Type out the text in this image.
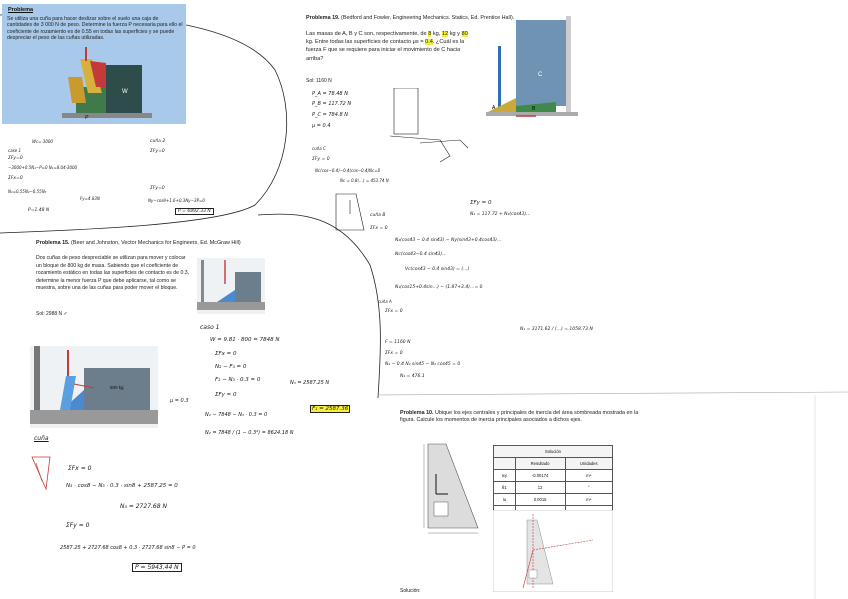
Problema
Se utiliza una cuña para hacer deslizar sobre el suelo una caja de cantidades de 3 000 N de peso. Determine la fuerza P necesaria para ello el coeficiente de rozamiento es de 0.55 en todas las superficies y se puede despreciar el peso de las cuñas utilizadas.
W
P
Wc= 3000
case 1
ΣFy=0
−3000+0.5N₁−P=0 N₁=8.04·3000
ΣFx=0
N₁=0.55N₂−0.55N₃
P=1.48 N
Fy=4.83N
cuña 2
ΣFy=0
ΣFy=0
Ny−cosθ+1.6+0.3Ny−3P=0
P = 6892.33 N
Problema 19. (Bedford and Fowler, Engineering Mechanics. Statics, Ed. Prentice Hall).
Las masas de A, B y C son, respectivamente, de 8 kg, 12 kg y 80 kg. Entre todas las superficies de contacto μs = 0.4. ¿Cuál es la fuerza F que se requiere para iniciar el movimiento de C hacia arriba?
Sol: 1160 N
C
A	B
P_A = 78.48 N
P_B = 117.72 N
P_C = 784.8 N
μ = 0.4
ΣFy = 0
cuña C
Nc(cos−0.4)−0.4(cos−0.4)Nc=0
Nc = 0.8(…) = 453.74 N
ΣFy = 0
N₁ = 117.72 + N₂(cos43)…
cuña B
ΣFx = 0
N₂(cos43 − 0.4 sin43) − Ny(sin43+0.4cos43)…
Nc(cos43−0.4 sin43)…
Vc(cos43 − 0.4 sin43) = (…)
N₁(cos15+0.4sin…) − (1.87+3.4)…= 0
cuña A
ΣFx = 0
N₁ = 3171.62 / (…) = 1058.73 N
F = 1160 N
ΣFx = 0
N₄ − 0.4 N₂ sin45 − N₂ cos45 = 0
N₄ = 476.1
Problema 15. (Beer and Johnston, Vector Mechanics for Engineers, Ed. McGraw Hill)
Dos cuñas de peso despreciable se utilizan para mover y colocar un bloque de 800 kg de masa. Sabiendo que el coeficiente de rozamiento estático en todas las superficies de contacto es de 0.3, determine la menor fuerza P que debe aplicarse, tal como se muestra, sobre una de las cuñas para poder mover el bloque.
Sol: 2988 N ✓
800 kg
caso 1
W = 9.81 · 800 = 7848 N
ΣFx = 0
N₂ − F₃ = 0
F₂ − N₃ · 0.3 = 0
μ = 0.3
ΣFy = 0
N₂ − 7848 − N₃ · 0.3 = 0
N₂ = 7848 / (1 − 0.3²) = 8624.18 N
N₃ = 2587.25 N
F₁ = 2587.36
cuña
ΣFx = 0
N₃ · cos8 − N₃ · 0.3 · sin8 + 2587.25 = 0
N₃ = 2727.68 N
ΣFy = 0
2587.25 + 2727.68 cos8 + 0.3 · 2727.68 sin8 − P = 0
P = 5943.44 N
Problema 10. Ubique los ejes centrales y principales de inercia del área sombreada mostrada en la figura. Calcule los momentos de inercia principales asociados a dichos ejes.
Solución		
	Resultado	Unidades
Ixy	-0.00174	m⁴
θ1	12	°
Iu	0.0015	m⁴

Solución:
